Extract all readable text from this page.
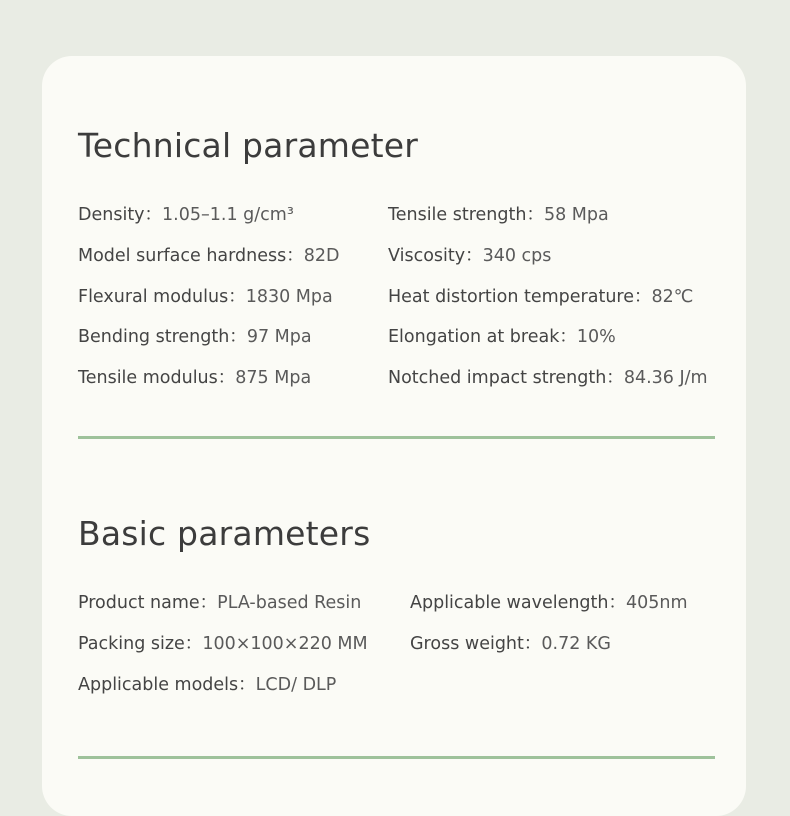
Technical parameter
Density：1.05–1.1 g/cm³
Model surface hardness：82D
Flexural modulus：1830 Mpa
Bending strength：97 Mpa
Tensile modulus：875 Mpa
Tensile strength：58 Mpa
Viscosity：340 cps
Heat distortion temperature：82℃
Elongation at break：10%
Notched impact strength：84.36 J/m
Basic parameters
Product name：PLA-based Resin
Packing size：100×100×220 MM
Applicable models：LCD/ DLP
Applicable wavelength：405nm
Gross weight：0.72 KG
